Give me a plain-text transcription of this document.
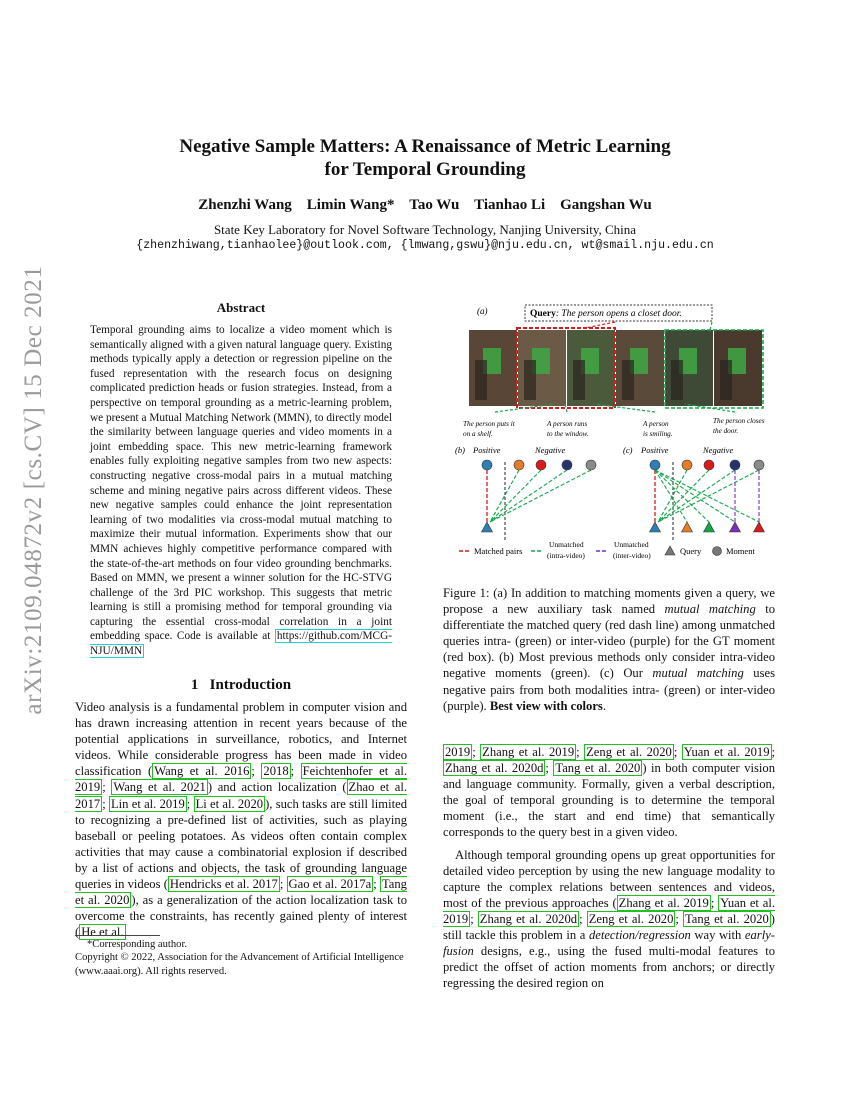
arXiv:2109.04872v2 [cs.CV] 15 Dec 2021
Negative Sample Matters: A Renaissance of Metric Learning
for Temporal Grounding
Zhenzhi Wang    Limin Wang*    Tao Wu    Tianhao Li    Gangshan Wu
State Key Laboratory for Novel Software Technology, Nanjing University, China
{zhenzhiwang,tianhaolee}@outlook.com, {lmwang,gswu}@nju.edu.cn, wt@smail.nju.edu.cn
Abstract
Temporal grounding aims to localize a video moment which is semantically aligned with a given natural language query. Existing methods typically apply a detection or regression pipeline on the fused representation with the research focus on designing complicated prediction heads or fusion strategies. Instead, from a perspective on temporal grounding as a metric-learning problem, we present a Mutual Matching Network (MMN), to directly model the similarity between language queries and video moments in a joint embedding space. This new metric-learning framework enables fully exploiting negative samples from two new aspects: constructing negative cross-modal pairs in a mutual matching scheme and mining negative pairs across different videos. These new negative samples could enhance the joint representation learning of two modalities via cross-modal mutual matching to maximize their mutual information. Experiments show that our MMN achieves highly competitive performance compared with the state-of-the-art methods on four video grounding benchmarks. Based on MMN, we present a winner solution for the HC-STVG challenge of the 3rd PIC workshop. This suggests that metric learning is still a promising method for temporal grounding via capturing the essential cross-modal correlation in a joint embedding space. Code is available at https://github.com/MCG-NJU/MMN
1 Introduction

Video analysis is a fundamental problem in computer vision and has drawn increasing attention in recent years because of the potential applications in surveillance, robotics, and Internet videos. While considerable progress has been made in video classification ( Wang et al. 2016 ; 2018 ; Feichtenhofer et al. 2019 ; Wang et al. 2021 ) and action localization ( Zhao et al. 2017 ; Lin et al. 2019 ; Li et al. 2020 ), such tasks are still limited to recognizing a pre-defined list of activities, such as playing baseball or peeling potatoes. As videos often contain complex activities that may cause a combinatorial explosion if described by a list of actions and objects, the task of grounding language queries in videos ( Hendricks et al. 2017 ; Gao et al. 2017a ; Tang et al. 2020 ), as a generalization of the action localization task to overcome the constraints, has recently gained plenty of interest ( He et al.

*Corresponding author.
Copyright © 2022, Association for the Advancement of Artificial Intelligence (www.aaai.org). All rights reserved.
(a)	Query: The person opens a closet door.
The person puts it on a shelf.
A person runs to the window.
A person is smiling.
The person closes the door.
(b) Positive	Negative	(c) Positive	Negative
Matched pairs
Unmatched
(intra-video)
Unmatched
(inter-video)	Query	Moment

Figure 1: (a) In addition to matching moments given a query, we propose a new auxiliary task named mutual matching to differentiate the matched query (red dash line) among unmatched queries intra- (green) or inter-video (purple) for the GT moment (red box). (b) Most previous methods only consider intra-video negative moments (green). (c) Our mutual matching uses negative pairs from both modalities intra- (green) or inter-video (purple). Best view with colors.

2019 ; Zhang et al. 2019 ; Zeng et al. 2020 ; Yuan et al. 2019 ; Zhang et al. 2020d ; Tang et al. 2020 ) in both computer vision and language community. Formally, given a verbal description, the goal of temporal grounding is to determine the temporal moment (i.e., the start and end time) that semantically corresponds to the query best in a given video.

Although temporal grounding opens up great opportunities for detailed video perception by using the new language modality to capture the complex relations between sentences and videos, most of the previous approaches ( Zhang et al. 2019 ; Yuan et al. 2019 ; Zhang et al. 2020d ; Zeng et al. 2020 ; Tang et al. 2020 ) still tackle this problem in a detection/regression way with early-fusion designs, e.g., using the fused multi-modal features to predict the offset of action moments from anchors; or directly regressing the desired region on
